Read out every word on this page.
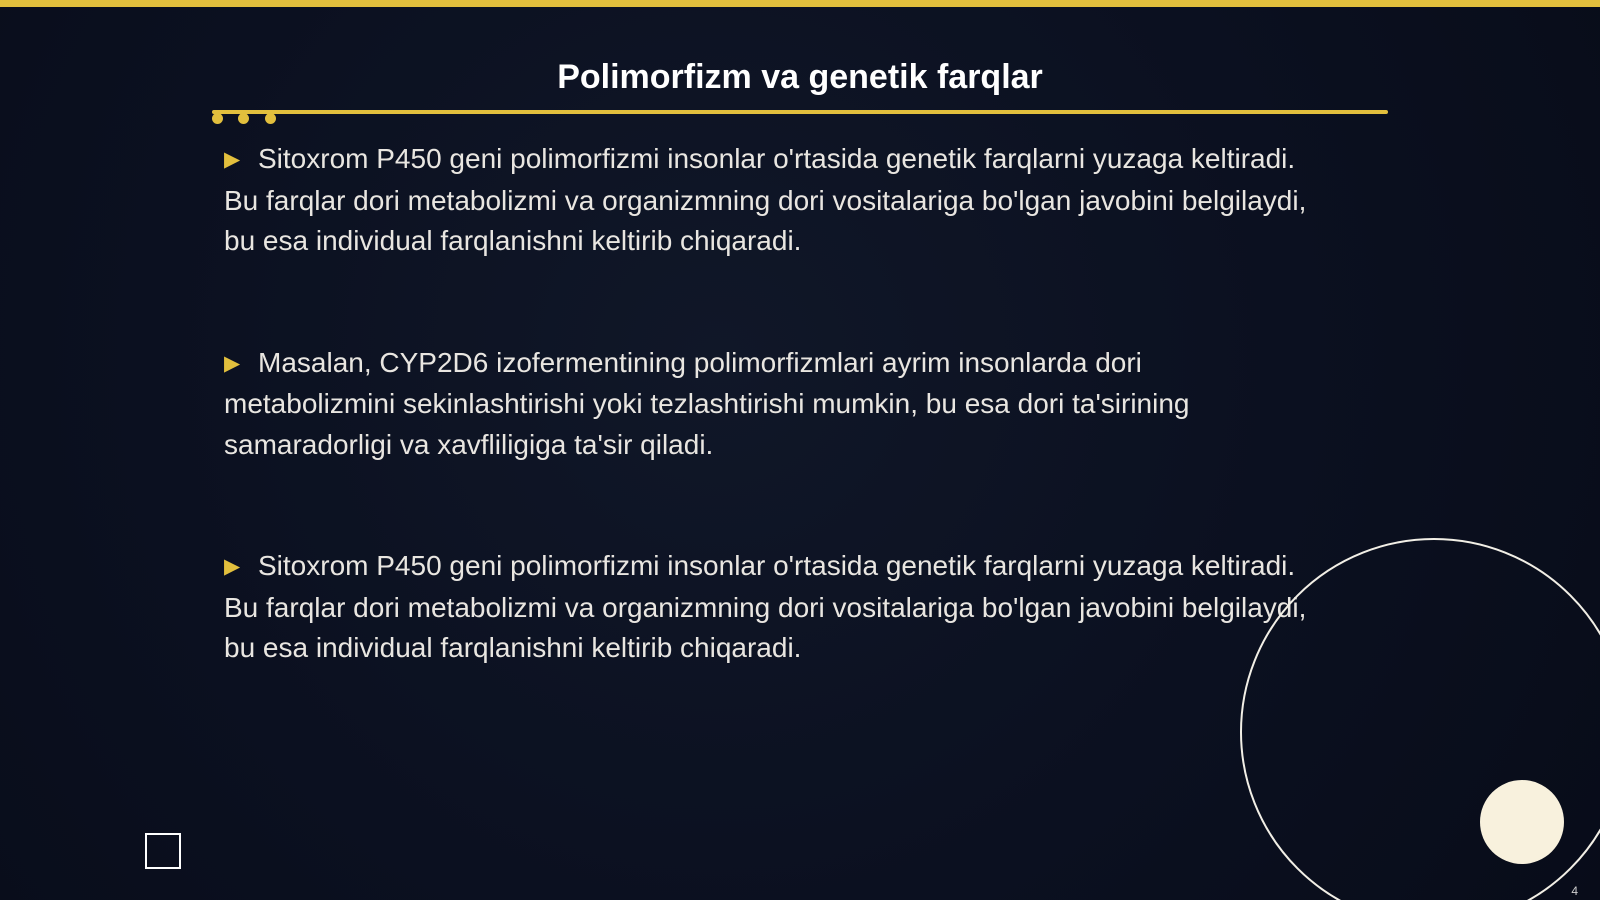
Polimorfizm va genetik farqlar

▶ Sitoxrom P450 geni polimorfizmi insonlar o'rtasida genetik farqlarni yuzaga keltiradi. Bu farqlar dori metabolizmi va organizmning dori vositalariga bo'lgan javobini belgilaydi, bu esa individual farqlanishni keltirib chiqaradi.

▶ Masalan, CYP2D6 izofermentining polimorfizmlari ayrim insonlarda dori metabolizmini sekinlashtirishi yoki tezlashtirishi mumkin, bu esa dori ta'sirining samaradorligi va xavfliligiga ta'sir qiladi.

▶ Sitoxrom P450 geni polimorfizmi insonlar o'rtasida genetik farqlarni yuzaga keltiradi. Bu farqlar dori metabolizmi va organizmning dori vositalariga bo'lgan javobini belgilaydi, bu esa individual farqlanishni keltirib chiqaradi.

4
